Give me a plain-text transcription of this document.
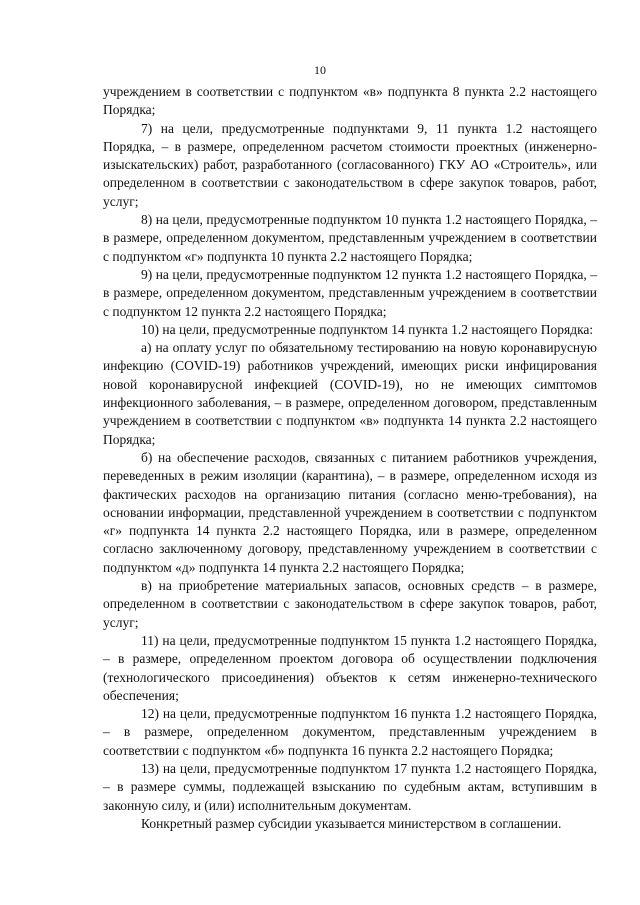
10

учреждением в соответствии с подпунктом «в» подпункта 8 пункта 2.2 настоящего Порядка;

7) на цели, предусмотренные подпунктами 9, 11 пункта 1.2 настоящего Порядка, – в размере, определенном расчетом стоимости проектных (инженерно-изыскательских) работ, разработанного (согласованного) ГКУ АО «Строитель», или определенном в соответствии с законодательством в сфере закупок товаров, работ, услуг;

8) на цели, предусмотренные подпунктом 10 пункта 1.2 настоящего Порядка, – в размере, определенном документом, представленным учреждением в соответствии с подпунктом «г» подпункта 10 пункта 2.2 настоящего Порядка;

9) на цели, предусмотренные подпунктом 12 пункта 1.2 настоящего Порядка, – в размере, определенном документом, представленным учреждением в соответствии с подпунктом 12 пункта 2.2 настоящего Порядка;

10) на цели, предусмотренные подпунктом 14 пункта 1.2 настоящего Порядка:

а) на оплату услуг по обязательному тестированию на новую коронавирусную инфекцию (COVID-19) работников учреждений, имеющих риски инфицирования новой коронавирусной инфекцией (COVID-19), но не имеющих симптомов инфекционного заболевания, – в размере, определенном договором, представленным учреждением в соответствии с подпунктом «в» подпункта 14 пункта 2.2 настоящего Порядка;

б) на обеспечение расходов, связанных с питанием работников учреждения, переведенных в режим изоляции (карантина), – в размере, определенном исходя из фактических расходов на организацию питания (согласно меню-требования), на основании информации, представленной учреждением в соответствии с подпунктом «г» подпункта 14 пункта 2.2 настоящего Порядка, или в размере, определенном согласно заключенному договору, представленному учреждением в соответствии с подпунктом «д» подпункта 14 пункта 2.2 настоящего Порядка;

в) на приобретение материальных запасов, основных средств – в размере, определенном в соответствии с законодательством в сфере закупок товаров, работ, услуг;

11) на цели, предусмотренные подпунктом 15 пункта 1.2 настоящего Порядка, – в размере, определенном проектом договора об осуществлении подключения (технологического присоединения) объектов к сетям инженерно-технического обеспечения;

12) на цели, предусмотренные подпунктом 16 пункта 1.2 настоящего Порядка, – в размере, определенном документом, представленным учреждением в соответствии с подпунктом «б» подпункта 16 пункта 2.2 настоящего Порядка;

13) на цели, предусмотренные подпунктом 17 пункта 1.2 настоящего Порядка, – в размере суммы, подлежащей взысканию по судебным актам, вступившим в законную силу, и (или) исполнительным документам.

Конкретный размер субсидии указывается министерством в соглашении.
